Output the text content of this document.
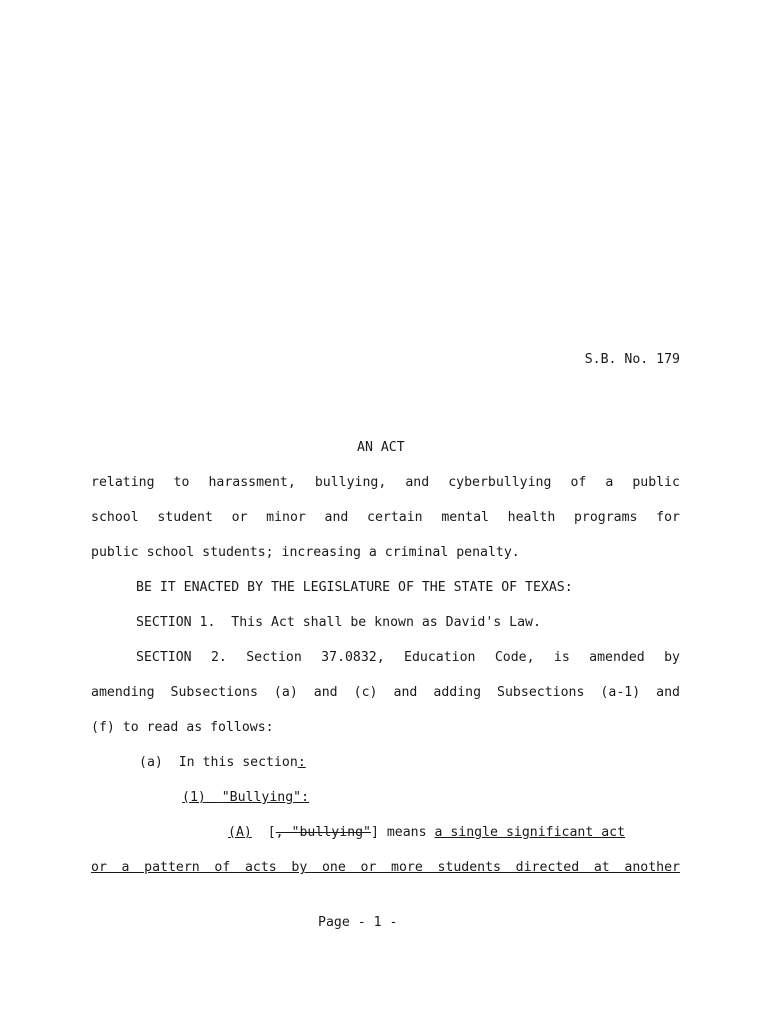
S.B. No. 179
AN ACT
relating to harassment, bullying, and cyberbullying of a public
school student or minor and certain mental health programs for
public school students; increasing a criminal penalty.
BE IT ENACTED BY THE LEGISLATURE OF THE STATE OF TEXAS:
SECTION 1.  This Act shall be known as David's Law.
SECTION 2. Section 37.0832, Education Code, is amended by
amending Subsections (a) and (c) and adding Subsections (a-1) and
(f) to read as follows:
(a) In this section:
(1) "Bullying":
(A) [, "bullying"] means a single significant act
or a pattern of acts by one or more students directed at another
Page - 1 -
